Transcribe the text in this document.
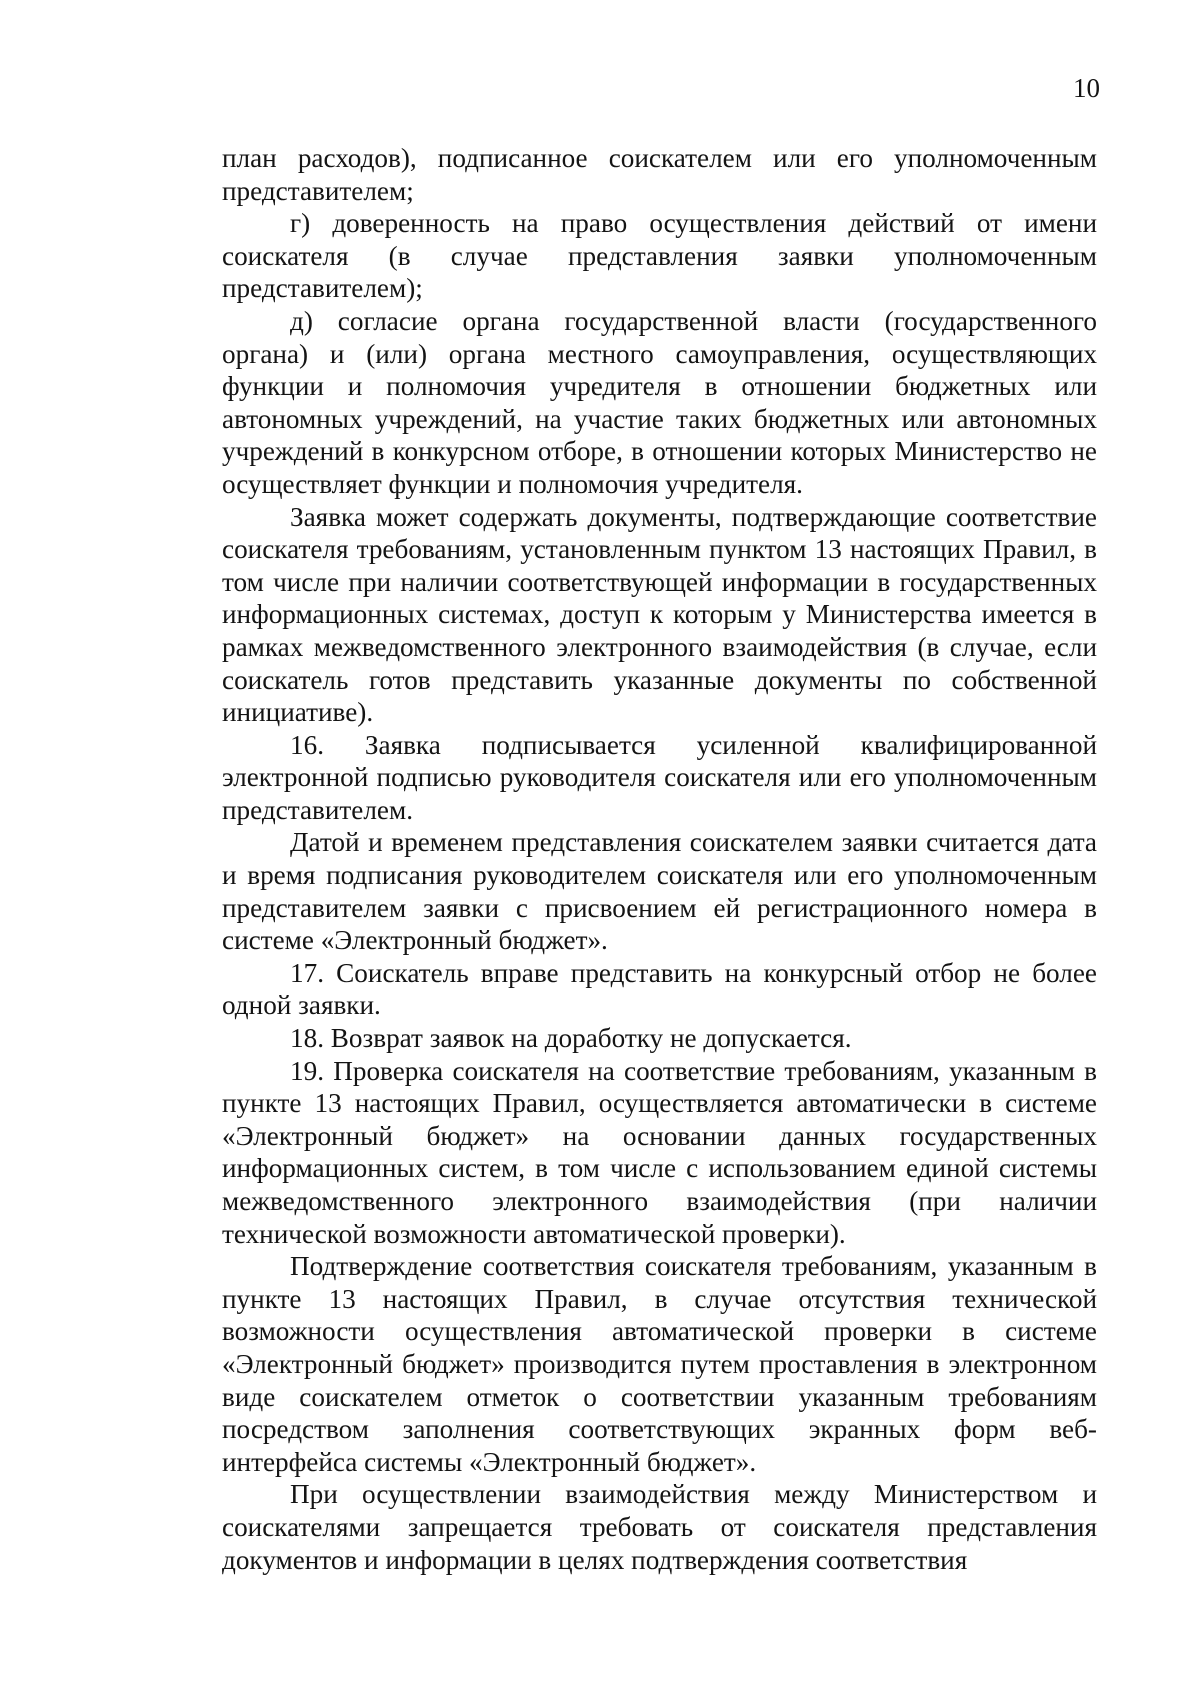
10

план расходов), подписанное соискателем или его уполномоченным представителем;

г) доверенность на право осуществления действий от имени соискателя (в случае представления заявки уполномоченным представителем);

д) согласие органа государственной власти (государственного органа) и (или) органа местного самоуправления, осуществляющих функции и полномочия учредителя в отношении бюджетных или автономных учреждений, на участие таких бюджетных или автономных учреждений в конкурсном отборе, в отношении которых Министерство не осуществляет функции и полномочия учредителя.

Заявка может содержать документы, подтверждающие соответствие соискателя требованиям, установленным пунктом 13 настоящих Правил, в том числе при наличии соответствующей информации в государственных информационных системах, доступ к которым у Министерства имеется в рамках межведомственного электронного взаимодействия (в случае, если соискатель готов представить указанные документы по собственной инициативе).

16. Заявка подписывается усиленной квалифицированной электронной подписью руководителя соискателя или его уполномоченным представителем.

Датой и временем представления соискателем заявки считается дата и время подписания руководителем соискателя или его уполномоченным представителем заявки с присвоением ей регистрационного номера в системе «Электронный бюджет».

17. Соискатель вправе представить на конкурсный отбор не более одной заявки.

18. Возврат заявок на доработку не допускается.

19. Проверка соискателя на соответствие требованиям, указанным в пункте 13 настоящих Правил, осуществляется автоматически в системе «Электронный бюджет» на основании данных государственных информационных систем, в том числе с использованием единой системы межведомственного электронного взаимодействия (при наличии технической возможности автоматической проверки).

Подтверждение соответствия соискателя требованиям, указанным в пункте 13 настоящих Правил, в случае отсутствия технической возможности осуществления автоматической проверки в системе «Электронный бюджет» производится путем проставления в электронном виде соискателем отметок о соответствии указанным требованиям посредством заполнения соответствующих экранных форм веб-интерфейса системы «Электронный бюджет».

При осуществлении взаимодействия между Министерством и соискателями запрещается требовать от соискателя представления документов и информации в целях подтверждения соответствия
